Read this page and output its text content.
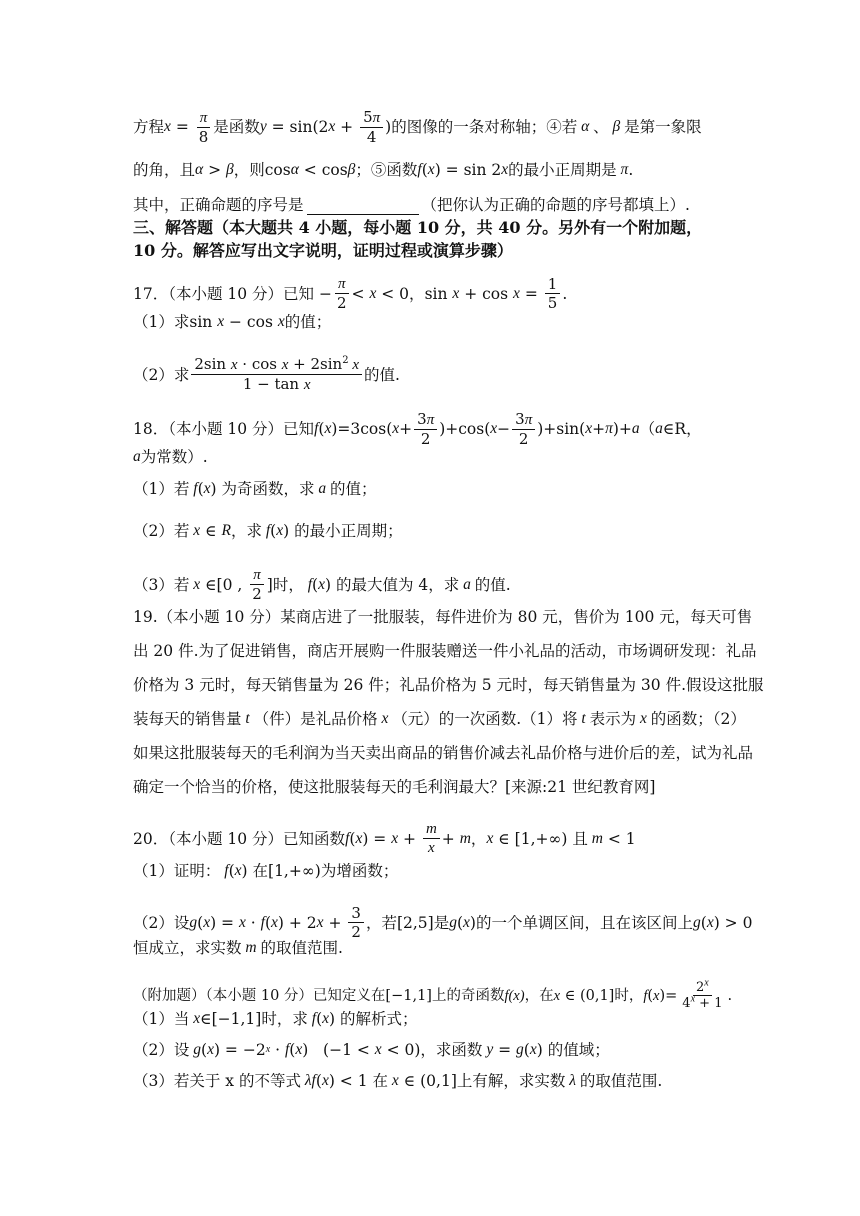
方程 $x = \frac{\pi}{8}$ 是函数 y = sin(2 $x + \frac{5\pi}{4}$ ) 的图像的一条对称轴；④若 α 、 β 是第一象限
的角，且 α > β ，则 cos α < cos β ；⑤函数 f ( x ) = sin 2 x 的最小正周期是 π .
其中，正确命题的序号是	（把你认为正确的命题的序号都填上）.
三、解答题（本大题共 4 小题，每小题 10 分，共 40 分。另外有一个附加题，
10 分。解答应写出文字说明，证明过程或演算步骤）
17．（本小题 10 分）已知 − $\frac{\pi}{2} < x < 0$ ， $\sin x + \cos x = \frac{1}{5}$ .
（1）求 sin x − cos x 的值；
（2）求 $\frac{2\sin x \cdot \cos x + 2\sin^2 x}{\text{1 − tan x}}$ 的值.
18．（本小题 10 分）已知 f ( x )=3cos( $x + \frac{3\pi}{2} )+\cos$( $x - \frac{3\pi}{2} )+\sin$( x + π )+ a （ a ∈ R，
a 为常数）.
（1）若 f ( x ) 为奇函数，求 a 的值；
（2）若 x ∈ R ，求 f ( x ) 的最小正周期；
（3）若 x ∈[0 , $\frac{\pi}{2}$ ]时， f ( x ) 的最大值为 4，求 a 的值.
19.（本小题 10 分）某商店进了一批服装，每件进价为 80 元，售价为 100 元，每天可售
出 20 件.为了促进销售，商店开展购一件服装赠送一件小礼品的活动，市场调研发现：礼品
价格为 3 元时，每天销售量为 26 件；礼品价格为 5 元时，每天销售量为 30 件.假设这批服
装每天的销售量 t （件）是礼品价格 x （元）的一次函数.（1）将 t 表示为 x 的函数；（2）
如果这批服装每天的毛利润为当天卖出商品的销售价减去礼品价格与进价后的差，试为礼品
确定一个恰当的价格，使这批服装每天的毛利润最大？[来源:21 世纪教育网]
20．（本小题 10 分）已知函数 f ( x ) = $x + \frac{m}{x} + m$ ， x ∈ [1,+∞) 且 m < 1
（1）证明： f ( x ) 在 [1,+∞) 为增函数；
（2）设 g ( x ) = x · f ( x ) + 2 $x + \frac{3}{2}$ ，若 [2,5] 是 g ( x ) 的一个单调区间，且在该区间上 g ( x ) > 0
恒成立，求实数 m 的取值范围.
（附加题）（本小题 10 分）已知定义在 [−1,1] 上的奇函数 f(x) ，在 x ∈ (0,1] 时， f ( x )= $\frac{2^x}{4^x + 1}$ .
（1）当 x ∈[−1,1] 时，求 f ( x ) 的解析式；
（2）设 g ( x ) = −2 x · f ( x )   (−1 < x < 0) ，求函数 y = g ( x ) 的值域；
（3）若关于 x 的不等式 λf ( x ) < 1 在 x ∈ (0,1] 上有解，求实数 λ 的取值范围.
